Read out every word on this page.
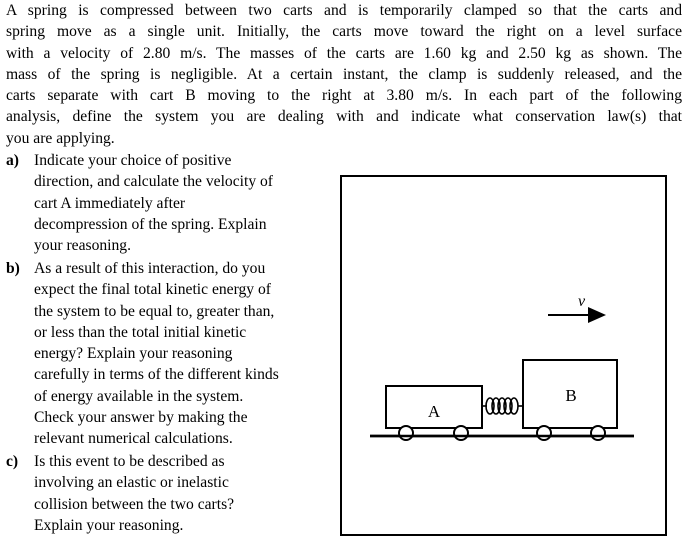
A spring is compressed between two carts and is temporarily clamped so that the carts and
spring move as a single unit. Initially, the carts move toward the right on a level surface
with a velocity of 2.80 m/s. The masses of the carts are 1.60 kg and 2.50 kg as shown. The
mass of the spring is negligible. At a certain instant, the clamp is suddenly released, and the
carts separate with cart B moving to the right at 3.80 m/s. In each part of the following
analysis, define the system you are dealing with and indicate what conservation law(s) that
you are applying.
a) Indicate your choice of positive
direction, and calculate the velocity of
cart A immediately after
decompression of the spring. Explain
your reasoning.
b) As a result of this interaction, do you
expect the final total kinetic energy of
the system to be equal to, greater than,
or less than the total initial kinetic
energy? Explain your reasoning
carefully in terms of the different kinds
of energy available in the system.
Check your answer by making the
relevant numerical calculations.
c) Is this event to be described as
involving an elastic or inelastic
collision between the two carts?
Explain your reasoning.
v
A
B
